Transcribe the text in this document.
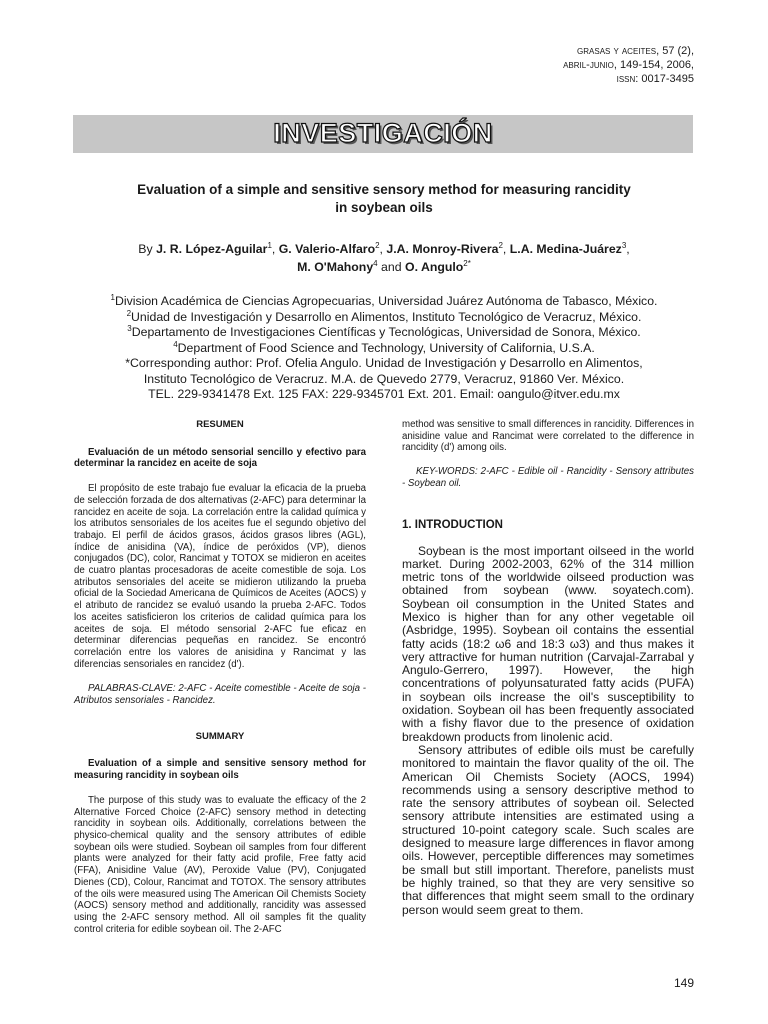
grasas y aceites, 57 (2),
abril-junio, 149-154, 2006,
issn: 0017-3495
INVESTIGACIÓN
Evaluation of a simple and sensitive sensory method for measuring rancidity
in soybean oils
By J. R. López-Aguilar$^1$, G. Valerio-Alfaro$^2$, J.A. Monroy-Rivera$^2$, L.A. Medina-Juárez$^3$,
M. O'Mahony$^4$ and O. Angulo$^{2*}$
$^1$Division Académica de Ciencias Agropecuarias, Universidad Juárez Autónoma de Tabasco, México.
$^2$Unidad de Investigación y Desarrollo en Alimentos, Instituto Tecnológico de Veracruz, México.
$^3$Departamento de Investigaciones Científicas y Tecnológicas, Universidad de Sonora, México.
$^4$Department of Food Science and Technology, University of California, U.S.A.
*Corresponding author: Prof. Ofelia Angulo. Unidad de Investigación y Desarrollo en Alimentos,
Instituto Tecnológico de Veracruz. M.A. de Quevedo 2779, Veracruz, 91860 Ver. México.
TEL. 229-9341478 Ext. 125 FAX: 229-9345701 Ext. 201. Email: oangulo@itver.edu.mx
RESUMEN

Evaluación de un método sensorial sencillo y efectivo para determinar la rancidez en aceite de soja

El propósito de este trabajo fue evaluar la eficacia de la prueba de selección forzada de dos alternativas (2-AFC) para determinar la rancidez en aceite de soja. La correlación entre la calidad química y los atributos sensoriales de los aceites fue el segundo objetivo del trabajo. El perfil de ácidos grasos, ácidos grasos libres (AGL), índice de anisidina (VA), índice de peróxidos (VP), dienos conjugados (DC), color, Rancimat y TOTOX se midieron en aceites de cuatro plantas procesadoras de aceite comestible de soja. Los atributos sensoriales del aceite se midieron utilizando la prueba oficial de la Sociedad Americana de Químicos de Aceites (AOCS) y el atributo de rancidez se evaluó usando la prueba 2-AFC. Todos los aceites satisficieron los criterios de calidad química para los aceites de soja. El método sensorial 2-AFC fue eficaz en determinar diferencias pequeñas en rancidez. Se encontró correlación entre los valores de anisidina y Rancimat y las diferencias sensoriales en rancidez (d').

PALABRAS-CLAVE: 2-AFC - Aceite comestible - Aceite de soja - Atributos sensoriales - Rancidez.

SUMMARY

Evaluation of a simple and sensitive sensory method for measuring rancidity in soybean oils

The purpose of this study was to evaluate the efficacy of the 2 Alternative Forced Choice (2-AFC) sensory method in detecting rancidity in soybean oils. Additionally, correlations between the physico-chemical quality and the sensory attributes of edible soybean oils were studied. Soybean oil samples from four different plants were analyzed for their fatty acid profile, Free fatty acid (FFA), Anisidine Value (AV), Peroxide Value (PV), Conjugated Dienes (CD), Colour, Rancimat and TOTOX. The sensory attributes of the oils were measured using The American Oil Chemists Society (AOCS) sensory method and additionally, rancidity was assessed using the 2-AFC sensory method. All oil samples fit the quality control criteria for edible soybean oil. The 2-AFC

method was sensitive to small differences in rancidity. Differences in anisidine value and Rancimat were correlated to the difference in rancidity (d') among oils.

KEY-WORDS: 2-AFC - Edible oil - Rancidity - Sensory attributes - Soybean oil.

1. INTRODUCTION

Soybean is the most important oilseed in the world market. During 2002-2003, 62% of the 314 million metric tons of the worldwide oilseed production was obtained from soybean (www. soyatech.com). Soybean oil consumption in the United States and Mexico is higher than for any other vegetable oil (Asbridge, 1995). Soybean oil contains the essential fatty acids (18:2 ω6 and 18:3 ω3) and thus makes it very attractive for human nutrition (Carvajal-Zarrabal y Angulo-Gerrero, 1997). However, the high concentrations of polyunsaturated fatty acids (PUFA) in soybean oils increase the oil's susceptibility to oxidation. Soybean oil has been frequently associated with a fishy flavor due to the presence of oxidation breakdown products from linolenic acid.

Sensory attributes of edible oils must be carefully monitored to maintain the flavor quality of the oil. The American Oil Chemists Society (AOCS, 1994) recommends using a sensory descriptive method to rate the sensory attributes of soybean oil. Selected sensory attribute intensities are estimated using a structured 10-point category scale. Such scales are designed to measure large differences in flavor among oils. However, perceptible differences may sometimes be small but still important. Therefore, panelists must be highly trained, so that they are very sensitive so that differences that might seem small to the ordinary person would seem great to them.

149
